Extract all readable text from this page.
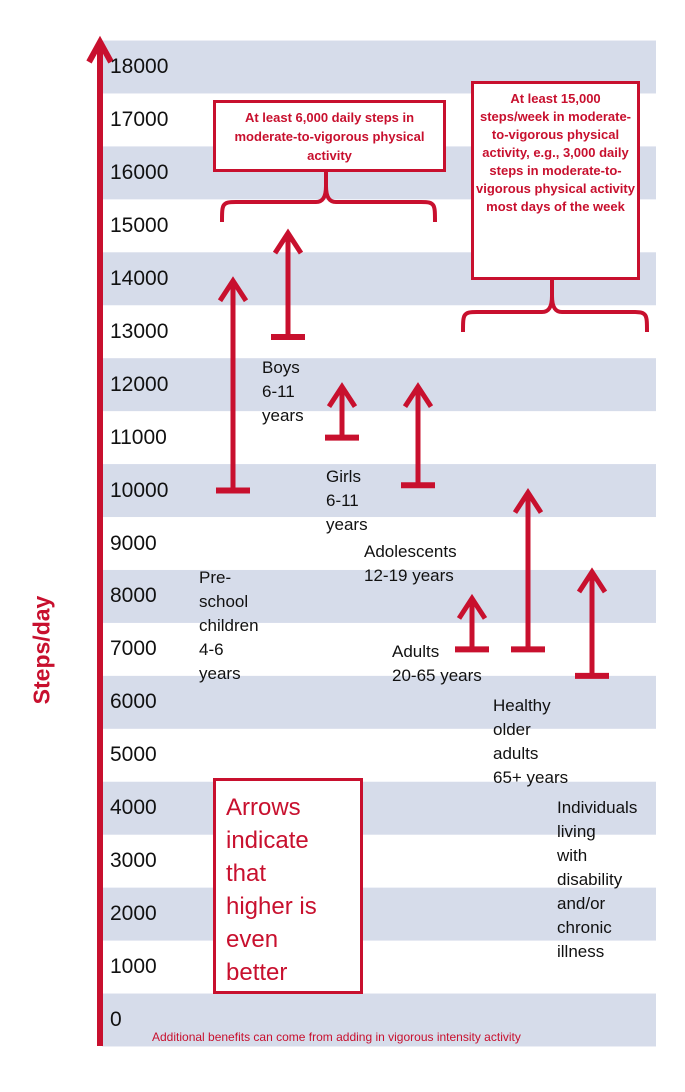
Steps/day
0
1000
2000
3000
4000
5000
6000
7000
8000
9000
10000
11000
12000
13000
14000
15000
16000
17000
18000
Pre-
school
children
4-6
years
Boys
6-11
years
Girls
6-11
years
Adolescents
12-19 years
Adults
20-65 years
Healthy
older
adults
65+ years
Individuals
living
with
disability
and/or
chronic
illness
At least 6,000 daily steps in moderate-to-vigorous physical activity
At least 15,000 steps/week in moderate-to-vigorous physical activity, e.g., 3,000 daily steps in moderate-to-vigorous physical activity most days of the week
Arrows
indicate
that
higher is
even
better
Additional benefits can come from adding in vigorous intensity activity
